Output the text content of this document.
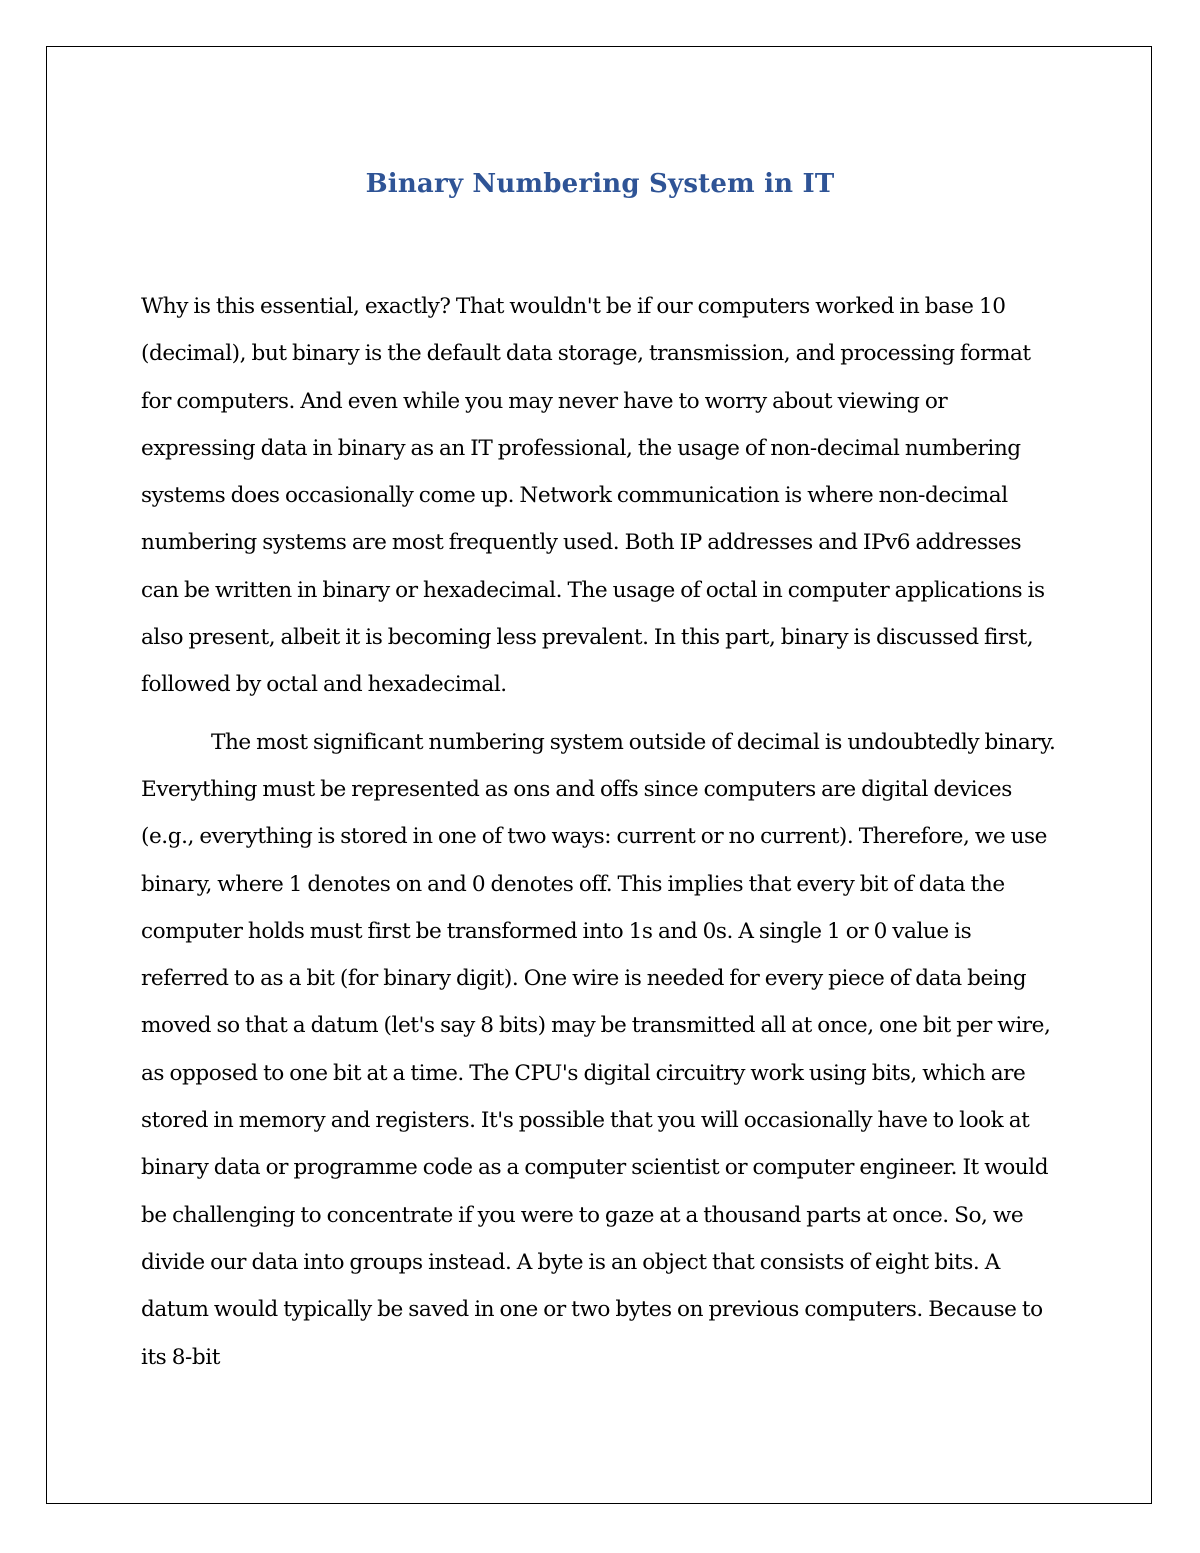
Binary Numbering System in IT

Why is this essential, exactly? That wouldn't be if our computers worked in base 10 (decimal), but binary is the default data storage, transmission, and processing format for computers. And even while you may never have to worry about viewing or expressing data in binary as an IT professional, the usage of non-decimal numbering systems does occasionally come up. Network communication is where non-decimal numbering systems are most frequently used. Both IP addresses and IPv6 addresses can be written in binary or hexadecimal. The usage of octal in computer applications is also present, albeit it is becoming less prevalent. In this part, binary is discussed first, followed by octal and hexadecimal.

The most significant numbering system outside of decimal is undoubtedly binary. Everything must be represented as ons and offs since computers are digital devices (e.g., everything is stored in one of two ways: current or no current). Therefore, we use binary, where 1 denotes on and 0 denotes off. This implies that every bit of data the computer holds must first be transformed into 1s and 0s. A single 1 or 0 value is referred to as a bit (for binary digit). One wire is needed for every piece of data being moved so that a datum (let's say 8 bits) may be transmitted all at once, one bit per wire, as opposed to one bit at a time. The CPU's digital circuitry work using bits, which are stored in memory and registers. It's possible that you will occasionally have to look at binary data or programme code as a computer scientist or computer engineer. It would be challenging to concentrate if you were to gaze at a thousand parts at once. So, we divide our data into groups instead. A byte is an object that consists of eight bits. A datum would typically be saved in one or two bytes on previous computers. Because to its 8-bit
